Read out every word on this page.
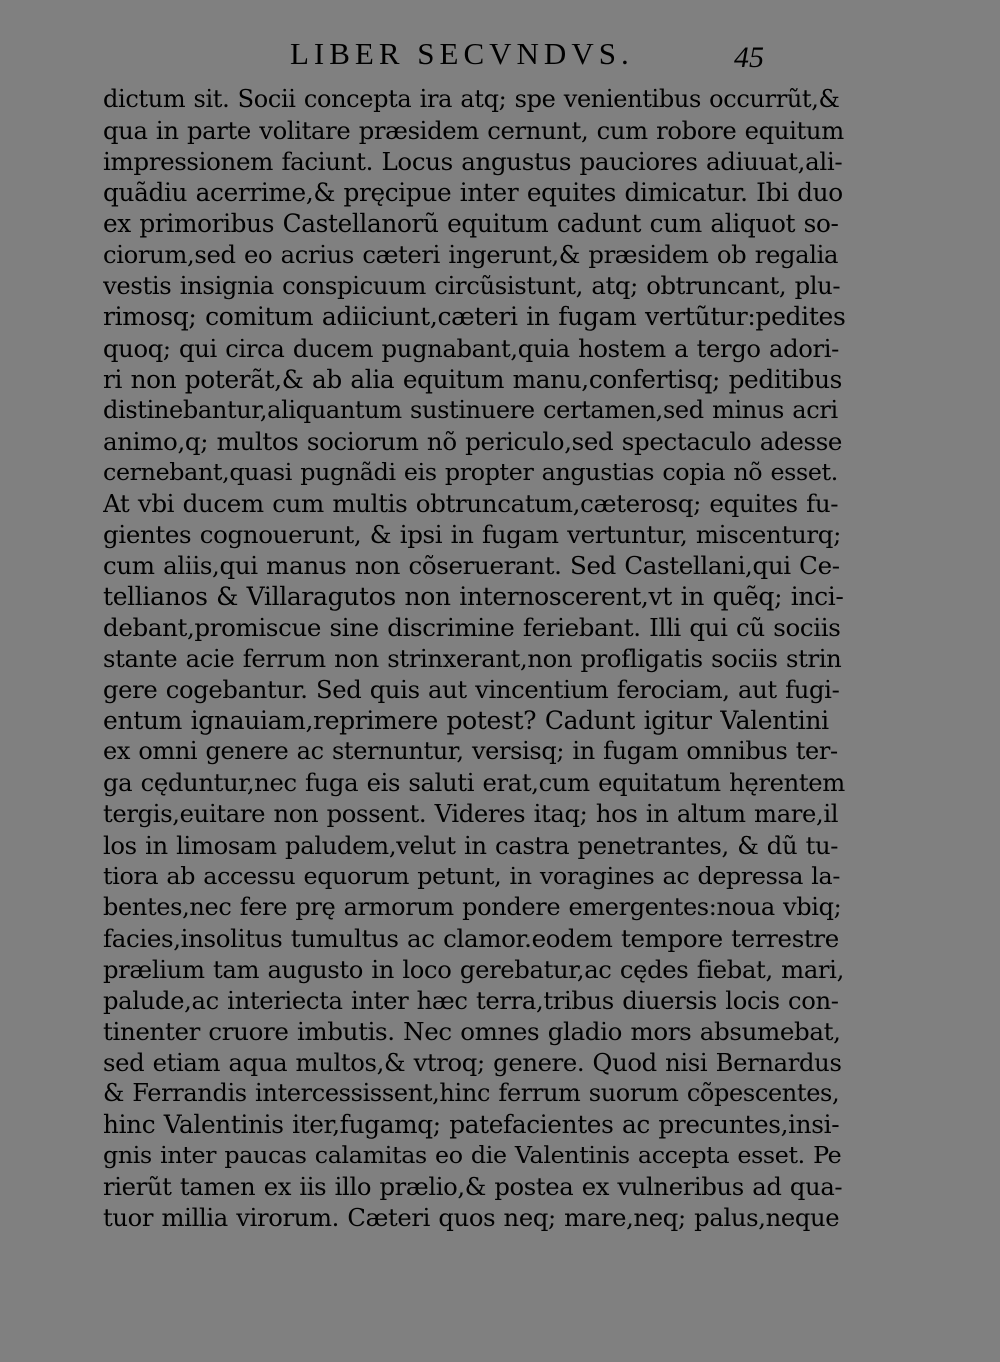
LIBER SECVNDVS.	45
dictum sit. Socii concepta ira atq; spe venientibus occurrũt,&
qua in parte volitare præsidem cernunt, cum robore equitum
impressionem faciunt. Locus angustus pauciores adiuuat,ali-
quãdiu acerrime,& pręcipue inter equites dimicatur. Ibi duo
ex primoribus Castellanorũ equitum cadunt cum aliquot so-
ciorum,sed eo acrius cæteri ingerunt,& præsidem ob regalia
vestis insignia conspicuum circũsistunt, atq; obtruncant, plu-
rimosq; comitum adiiciunt,cæteri in fugam vertũtur:pedites
quoq; qui circa ducem pugnabant,quia hostem a tergo adori-
ri non poterãt,& ab alia equitum manu,confertisq; peditibus
distinebantur,aliquantum sustinuere certamen,sed minus acri
animo,q; multos sociorum nõ periculo,sed spectaculo adesse
cernebant,quasi pugnãdi eis propter angustias copia nõ esset.
At vbi ducem cum multis obtruncatum,cæterosq; equites fu-
gientes cognouerunt, & ipsi in fugam vertuntur, miscenturq;
cum aliis,qui manus non cõseruerant. Sed Castellani,qui Ce-
tellianos & Villaragutos non internoscerent,vt in quẽq; inci-
debant,promiscue sine discrimine feriebant. Illi qui cũ sociis
stante acie ferrum non strinxerant,non profligatis sociis strin
gere cogebantur. Sed quis aut vincentium ferociam, aut fugi-
entum ignauiam,reprimere potest? Cadunt igitur Valentini
ex omni genere ac sternuntur, versisq; in fugam omnibus ter-
ga cęduntur,nec fuga eis saluti erat,cum equitatum hęrentem
tergis,euitare non possent. Videres itaq; hos in altum mare,il
los in limosam paludem,velut in castra penetrantes, & dũ tu-
tiora ab accessu equorum petunt, in voragines ac depressa la-
bentes,nec fere prę armorum pondere emergentes:noua vbiq;
facies,insolitus tumultus ac clamor.eodem tempore terrestre
prælium tam augusto in loco gerebatur,ac cędes fiebat, mari,
palude,ac interiecta inter hæc terra,tribus diuersis locis con-
tinenter cruore imbutis. Nec omnes gladio mors absumebat,
sed etiam aqua multos,& vtroq; genere. Quod nisi Bernardus
& Ferrandis intercessissent,hinc ferrum suorum cõpescentes,
hinc Valentinis iter,fugamq; patefacientes ac precuntes,insi-
gnis inter paucas calamitas eo die Valentinis accepta esset. Pe
rierũt tamen ex iis illo prælio,& postea ex vulneribus ad qua-
tuor millia virorum. Cæteri quos neq; mare,neq; palus,neque
